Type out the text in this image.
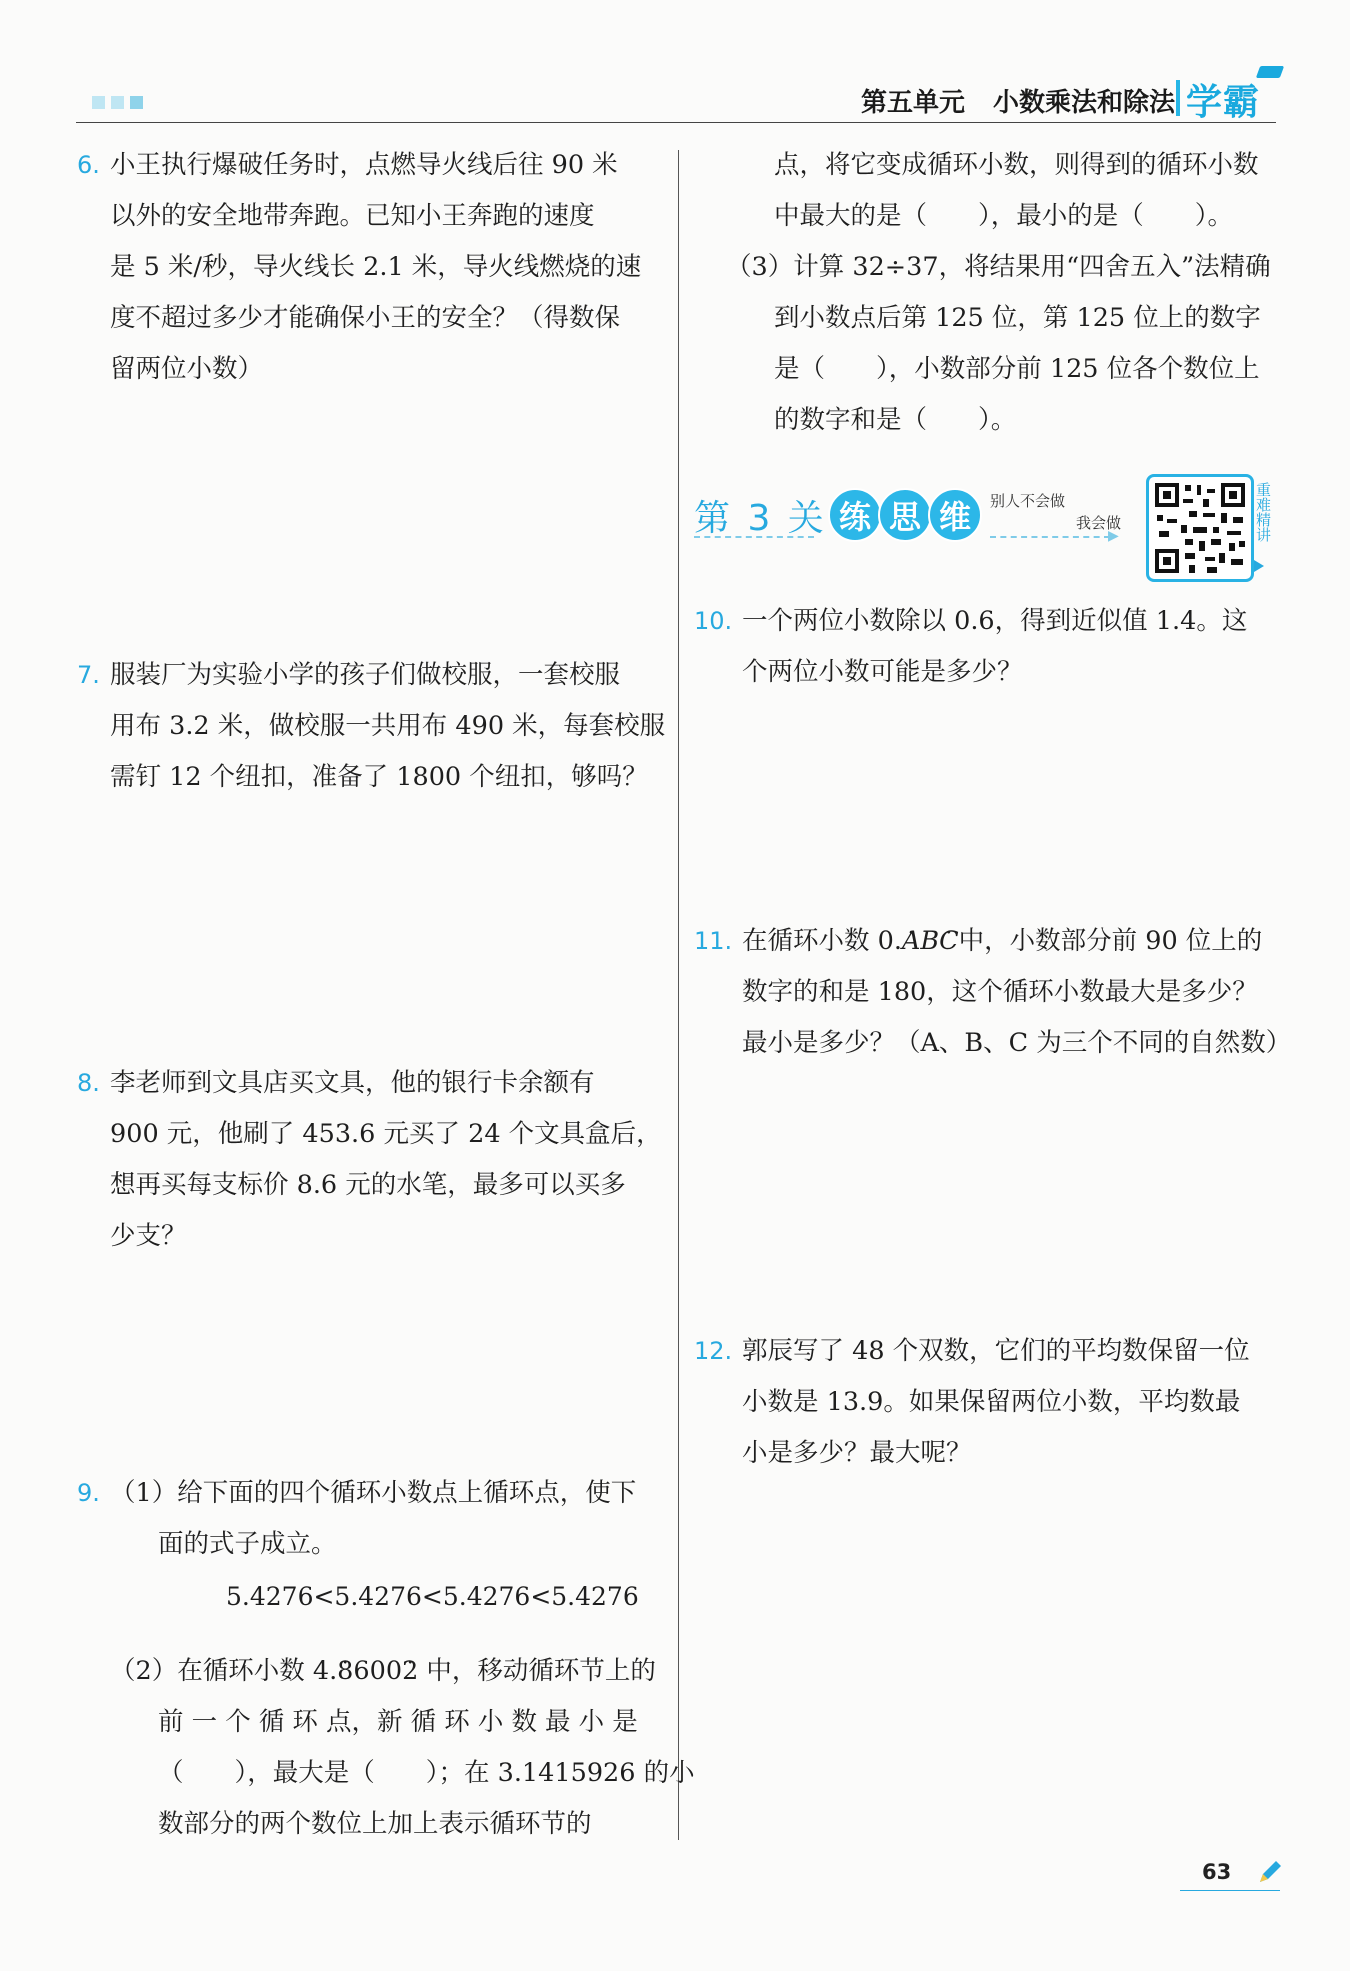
第五单元 小数乘法和除法 学霸
6. 小王执行爆破任务时，点燃导火线后往 90 米
以外的安全地带奔跑。已知小王奔跑的速度
是 5 米/秒，导火线长 2.1 米，导火线燃烧的速
度不超过多少才能确保小王的安全？（得数保
留两位小数）
7. 服装厂为实验小学的孩子们做校服，一套校服
用布 3.2 米，做校服一共用布 490 米，每套校服
需钉 12 个纽扣，准备了 1800 个纽扣，够吗？
8. 李老师到文具店买文具，他的银行卡余额有
900 元，他刷了 453.6 元买了 24 个文具盒后，
想再买每支标价 8.6 元的水笔，最多可以买多
少支？
9. （1）给下面的四个循环小数点上循环点，使下
面的式子成立。
5.4276<5.4276<5.4276<5.4276
（2）在循环小数 4.· 8600· 2 中，移动循环节上的
前 一 个 循 环 点，新 循 环 小 数 最 小 是
（　　），最大是（　　）；在 3.1415926 的小
数部分的两个数位上加上表示循环节的
点，将它变成循环小数，则得到的循环小数
中最大的是（　　），最小的是（　　）。
（3）计算 32÷37，将结果用“四舍五入”法精确
到小数点后第 125 位，第 125 位上的数字
是（　　），小数部分前 125 位各个数位上
的数字和是（　　）。
第 3 关 练 思 维	别人不会做
我会做
▶	重难精讲
10. 一个两位小数除以 0.6，得到近似值 1.4。这
个两位小数可能是多少？
11. 在循环小数 0.· AB· C中，小数部分前 90 位上的
数字的和是 180，这个循环小数最大是多少？
最小是多少？（A、B、C 为三个不同的自然数）
12. 郭辰写了 48 个双数，它们的平均数保留一位
小数是 13.9。如果保留两位小数，平均数最
小是多少？最大呢？
63
